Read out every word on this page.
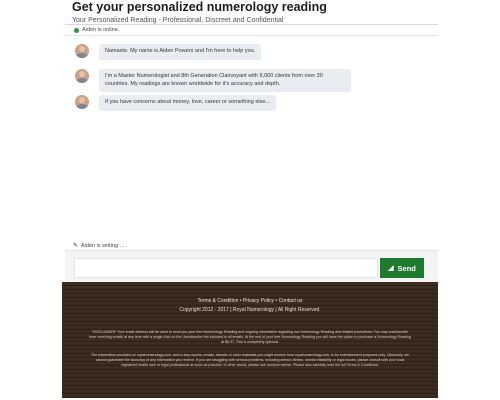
Get your personalized numerology reading
Your Personalized Reading - Professional, Discreet and Confidential
Aiden is online.
Namaste. My name is Aiden Powers and I'm here to help you.
I'm a Master Numerologist and 8th Generation Clairvoyant with 9,000 clients from over 30 countries. My readings are known worldwide for it's accuracy and depth.
If you have concerns about money, love, career or something else...
✎ Aiden is writing . . .
◢ Send
Terms & Condition • Privacy Policy • Contact us
Copyright 2012 - 2017 | Royal Numerology | All Right Reserved.
*DISCLAIMER: Your email address will be used to send you your free Numerology Reading and ongoing information regarding our Numerology Reading and related promotions. You may unsubscribe from receiving emails at any time with a single click on the Unsubscribe link included in all emails. At the end of your free Numerology Reading you will have the option to purchase a Numerology Reading at $6.97. This is completely optional.
The information provided on royalnumerology.com, and in any reports, emails, ebooks or other materials you might receive from royalnumerology.com, is for entertainment purposes only. Obviously, we cannot guarantee the accuracy of any information you receive. If you are struggling with serious problems, including serious illness, mental instability or legal issues, please consult with your local registered health care or legal professional as soon as possible. In other words, please use common sense. Please also carefully read the full Terms & Conditions.
